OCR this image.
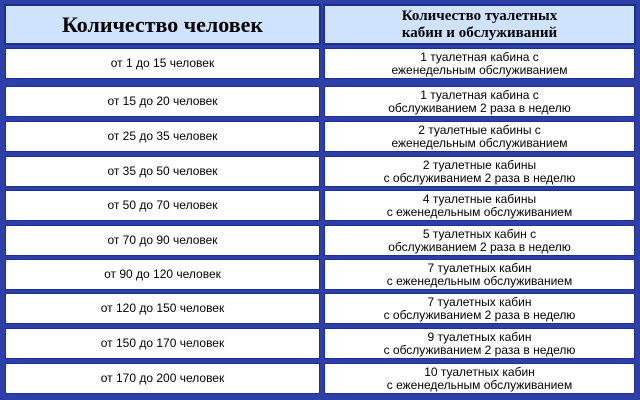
Количество человек	Количество туалетных
кабин и обслуживаний
от 1 до 15 человек	1 туалетная кабина с
еженедельным обслуживанием
от 15 до 20 человек	1 туалетная кабина с
обслуживанием 2 раза в неделю
от 25 до 35 человек	2 туалетные кабины с
еженедельным обслуживанием
от 35 до 50 человек	2 туалетные кабины
с обслуживанием 2 раза в неделю
от 50 до 70 человек	4 туалетные кабины
с еженедельным обслуживанием
от 70 до 90 человек	5 туалетных кабин с
обслуживанием 2 раза в неделю
от 90 до 120 человек	7 туалетных кабин
с еженедельным обслуживанием
от 120 до 150 человек	7 туалетных кабин
с обслуживанием 2 раза в неделю
от 150 до 170 человек	9 туалетных кабин
с обслуживанием 2 раза в неделю
от 170 до 200 человек	10 туалетных кабин
с еженедельным обслуживанием
